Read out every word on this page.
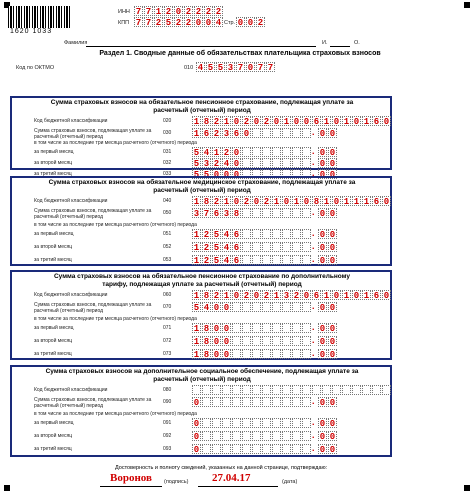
1620 1033
ИНН 7 7 1 2 0 2 2 2 2
КПП 7 7 2 5 2 2 0 0 4 Стр. 0 0 2
Фамилия	И.	О.
Раздел 1. Сводные данные об обязательствах плательщика страховых взносов
Код по ОКТМО	010 4 5 5 3 7 0 7 7
Сумма страховых взносов на обязательное пенсионное страхование, подлежащая уплате за расчетный (отчетный) период
Код бюджетной классификации	020 1 8 2 1 0 2 0 2 0 1 0 0 6 1 0 1 0 1 6 0
Сумма страховых взносов, подлежащая уплате за расчетный (отчетный) период
030 1 6 2 3 6 0	. 0 0
в том числе за последние три месяца расчетного (отчетного) периода
за первый месяц	031 5 4 1 2 0	. 0 0
за второй месяц	032 5 3 2 4 0	. 0 0
за третий месяц	033 5 5 0 0 0	. 0 0
Сумма страховых взносов на обязательное медицинское страхование, подлежащая уплате за расчетный (отчетный) период
Код бюджетной классификации	040 1 8 2 1 0 2 0 2 1 0 1 0 8 1 0 1 1 1 6 0
Сумма страховых взносов, подлежащая уплате за расчетный (отчетный) период
050 3 7 6 3 8	. 0 0
в том числе за последние три месяца расчетного (отчетного) периода
за первый месяц	051 1 2 5 4 6	. 0 0
за второй месяц	052 1 2 5 4 6	. 0 0
за третий месяц	053 1 2 5 4 6	. 0 0
Сумма страховых взносов на обязательное пенсионное страхование по дополнительному тарифу, подлежащая уплате за расчетный (отчетный) период
Код бюджетной классификации	060 1 8 2 1 0 2 0 2 1 3 2 0 6 1 0 1 0 1 6 0
Сумма страховых взносов, подлежащая уплате за расчетный (отчетный) период
070 5 4 0 0	. 0 0
в том числе за последние три месяца расчетного (отчетного) периода
за первый месяц	071 1 8 0 0	. 0 0
за второй месяц	072 1 8 0 0	. 0 0
за третий месяц	073 1 8 0 0	. 0 0
Сумма страховых взносов на дополнительное социальное обеспечение, подлежащая уплате за расчетный (отчетный) период
Код бюджетной классификации	080
Сумма страховых взносов, подлежащая уплате за расчетный (отчетный) период
090 0	. 0 0
в том числе за последние три месяца расчетного (отчетного) периода
за первый месяц	091 0	. 0 0
за второй месяц	092 0	. 0 0
за третий месяц	093 0	. 0 0
Достоверность и полноту сведений, указанных на данной странице, подтверждаю:
Воронов (подпись) 27.04.17	(дата)
